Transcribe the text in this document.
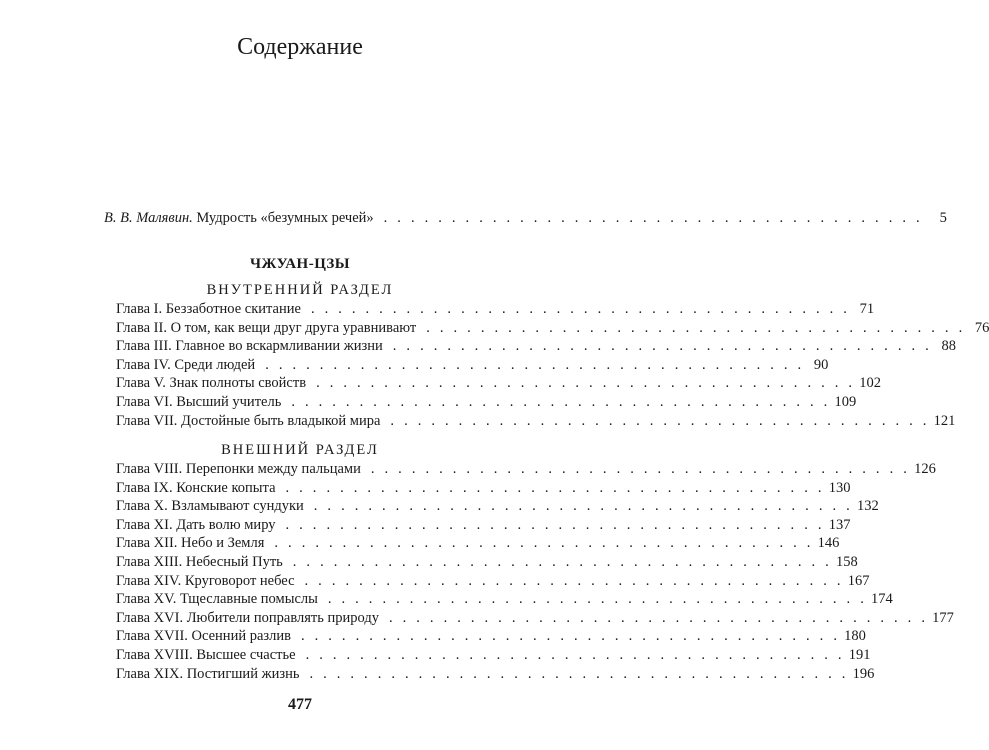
Содержание
В. В. Малявин. Мудрость «безумных речей» . . . . . . . . . . . . . . . . . . . . . . . . . . . . . . . . . . . . . . . .	5
ЧЖУАН-ЦЗЫ
ВНУТРЕННИЙ РАЗДЕЛ
Глава I. Беззаботное скитание . . . . . . . . . . . . . . . . . . . . . . . . . . . . . . . . . . . . . . . . 71
Глава II. О том, как вещи друг друга уравнивают . . . . . . . . . . . . . . . . . . . . . . . . . . . . . . . . . . . . . . . . 76
Глава III. Главное во вскармливании жизни . . . . . . . . . . . . . . . . . . . . . . . . . . . . . . . . . . . . . . . . 88
Глава IV. Среди людей . . . . . . . . . . . . . . . . . . . . . . . . . . . . . . . . . . . . . . . . 90
Глава V. Знак полноты свойств . . . . . . . . . . . . . . . . . . . . . . . . . . . . . . . . . . . . . . . . 102
Глава VI. Высший учитель . . . . . . . . . . . . . . . . . . . . . . . . . . . . . . . . . . . . . . . . 109
Глава VII. Достойные быть владыкой мира . . . . . . . . . . . . . . . . . . . . . . . . . . . . . . . . . . . . . . . . 121
ВНЕШНИЙ РАЗДЕЛ
Глава VIII. Перепонки между пальцами . . . . . . . . . . . . . . . . . . . . . . . . . . . . . . . . . . . . . . . . 126
Глава IX. Конские копыта . . . . . . . . . . . . . . . . . . . . . . . . . . . . . . . . . . . . . . . . 130
Глава X. Взламывают сундуки . . . . . . . . . . . . . . . . . . . . . . . . . . . . . . . . . . . . . . . . 132
Глава XI. Дать волю миру . . . . . . . . . . . . . . . . . . . . . . . . . . . . . . . . . . . . . . . . 137
Глава XII. Небо и Земля . . . . . . . . . . . . . . . . . . . . . . . . . . . . . . . . . . . . . . . . 146
Глава XIII. Небесный Путь . . . . . . . . . . . . . . . . . . . . . . . . . . . . . . . . . . . . . . . . 158
Глава XIV. Круговорот небес . . . . . . . . . . . . . . . . . . . . . . . . . . . . . . . . . . . . . . . . 167
Глава XV. Тщеславные помыслы . . . . . . . . . . . . . . . . . . . . . . . . . . . . . . . . . . . . . . . . 174
Глава XVI. Любители поправлять природу . . . . . . . . . . . . . . . . . . . . . . . . . . . . . . . . . . . . . . . . 177
Глава XVII. Осенний разлив . . . . . . . . . . . . . . . . . . . . . . . . . . . . . . . . . . . . . . . . 180
Глава XVIII. Высшее счастье . . . . . . . . . . . . . . . . . . . . . . . . . . . . . . . . . . . . . . . . 191
Глава XIX. Постигший жизнь . . . . . . . . . . . . . . . . . . . . . . . . . . . . . . . . . . . . . . . . 196
477
